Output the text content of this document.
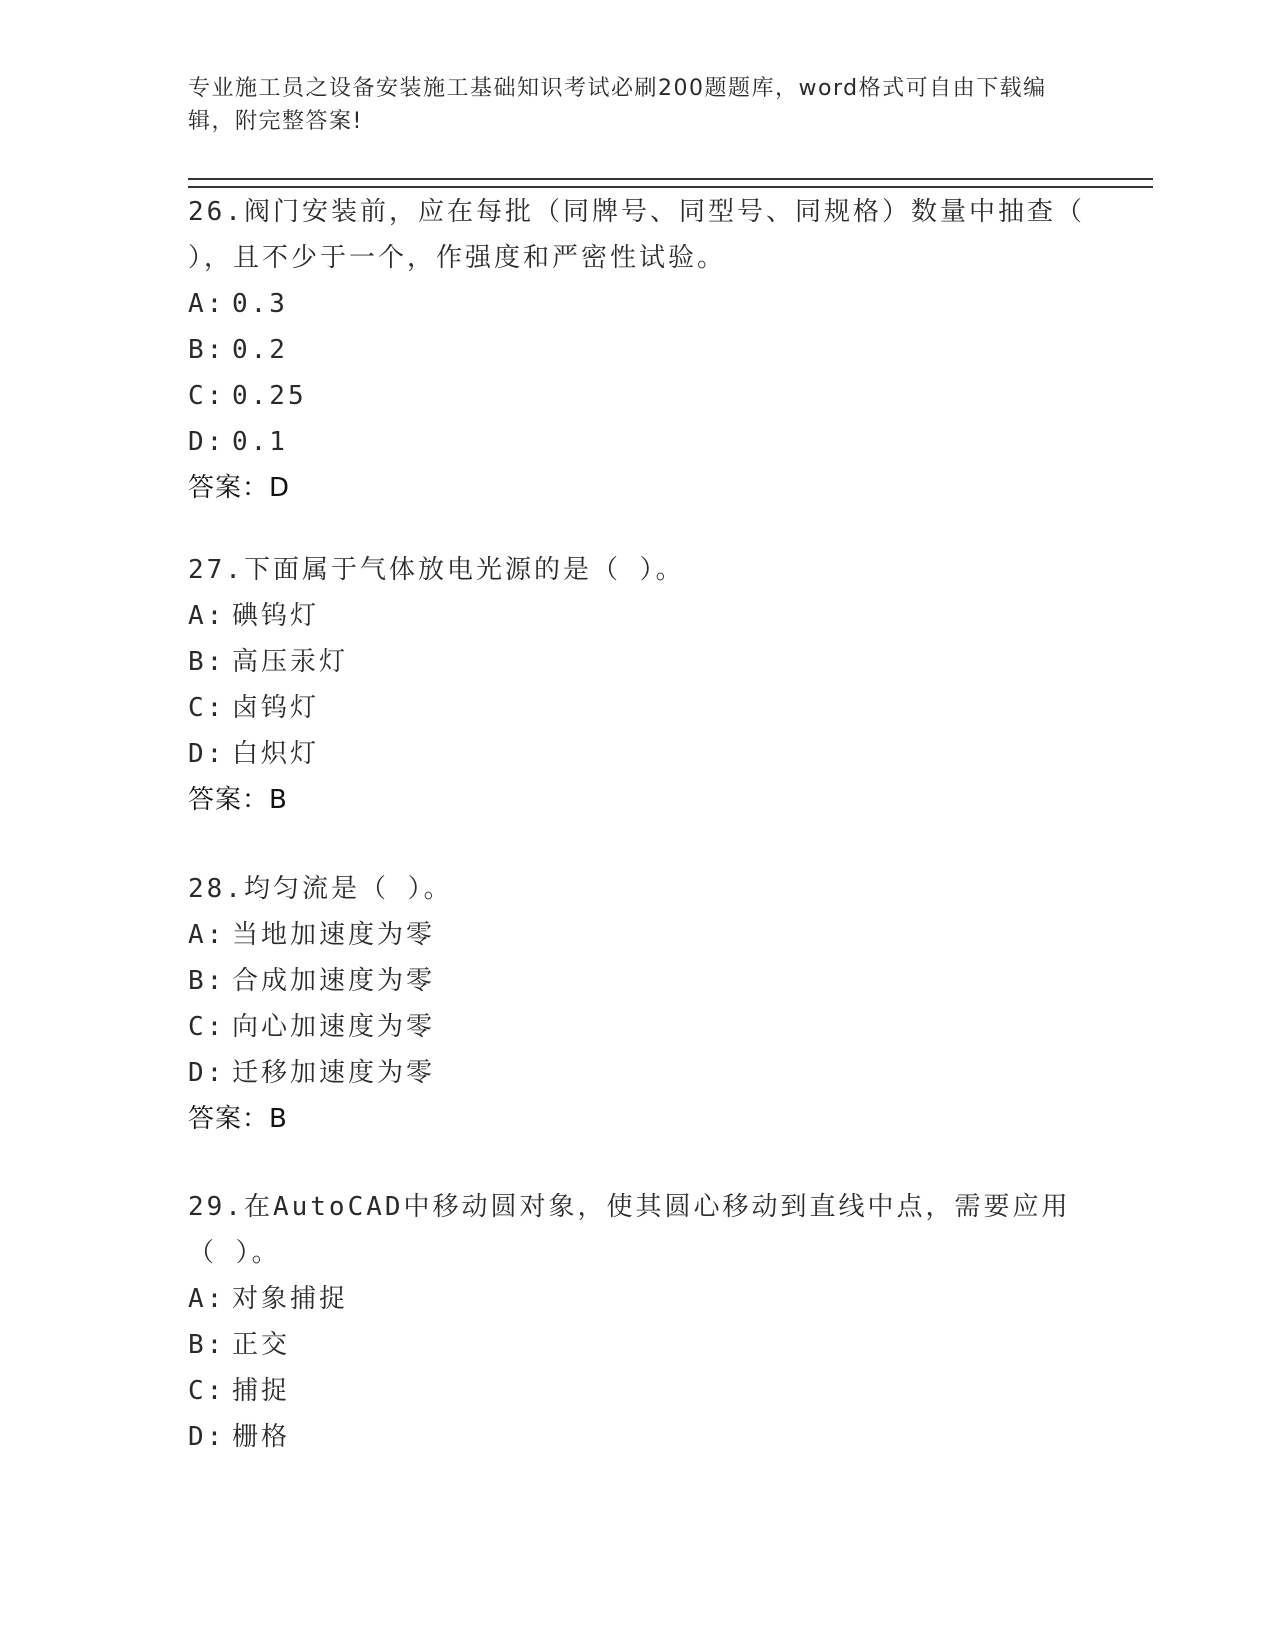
专业施工员之设备安装施工基础知识考试必刷200题题库，word格式可自由下载编辑，附完整答案!
26.阀门安装前，应在每批（同牌号、同型号、同规格）数量中抽查（ ），且不少于一个，作强度和严密性试验。
A: 0.3
B: 0.2
C: 0.25
D: 0.1
答案：D
27.下面属于气体放电光源的是（ ）。
A: 碘钨灯
B: 高压汞灯
C: 卤钨灯
D: 白炽灯
答案：B
28.均匀流是（ ）。
A: 当地加速度为零
B: 合成加速度为零
C: 向心加速度为零
D: 迁移加速度为零
答案：B
29.在AutoCAD中移动圆对象，使其圆心移动到直线中点，需要应用（ ）。
A: 对象捕捉
B: 正交
C: 捕捉
D: 栅格
